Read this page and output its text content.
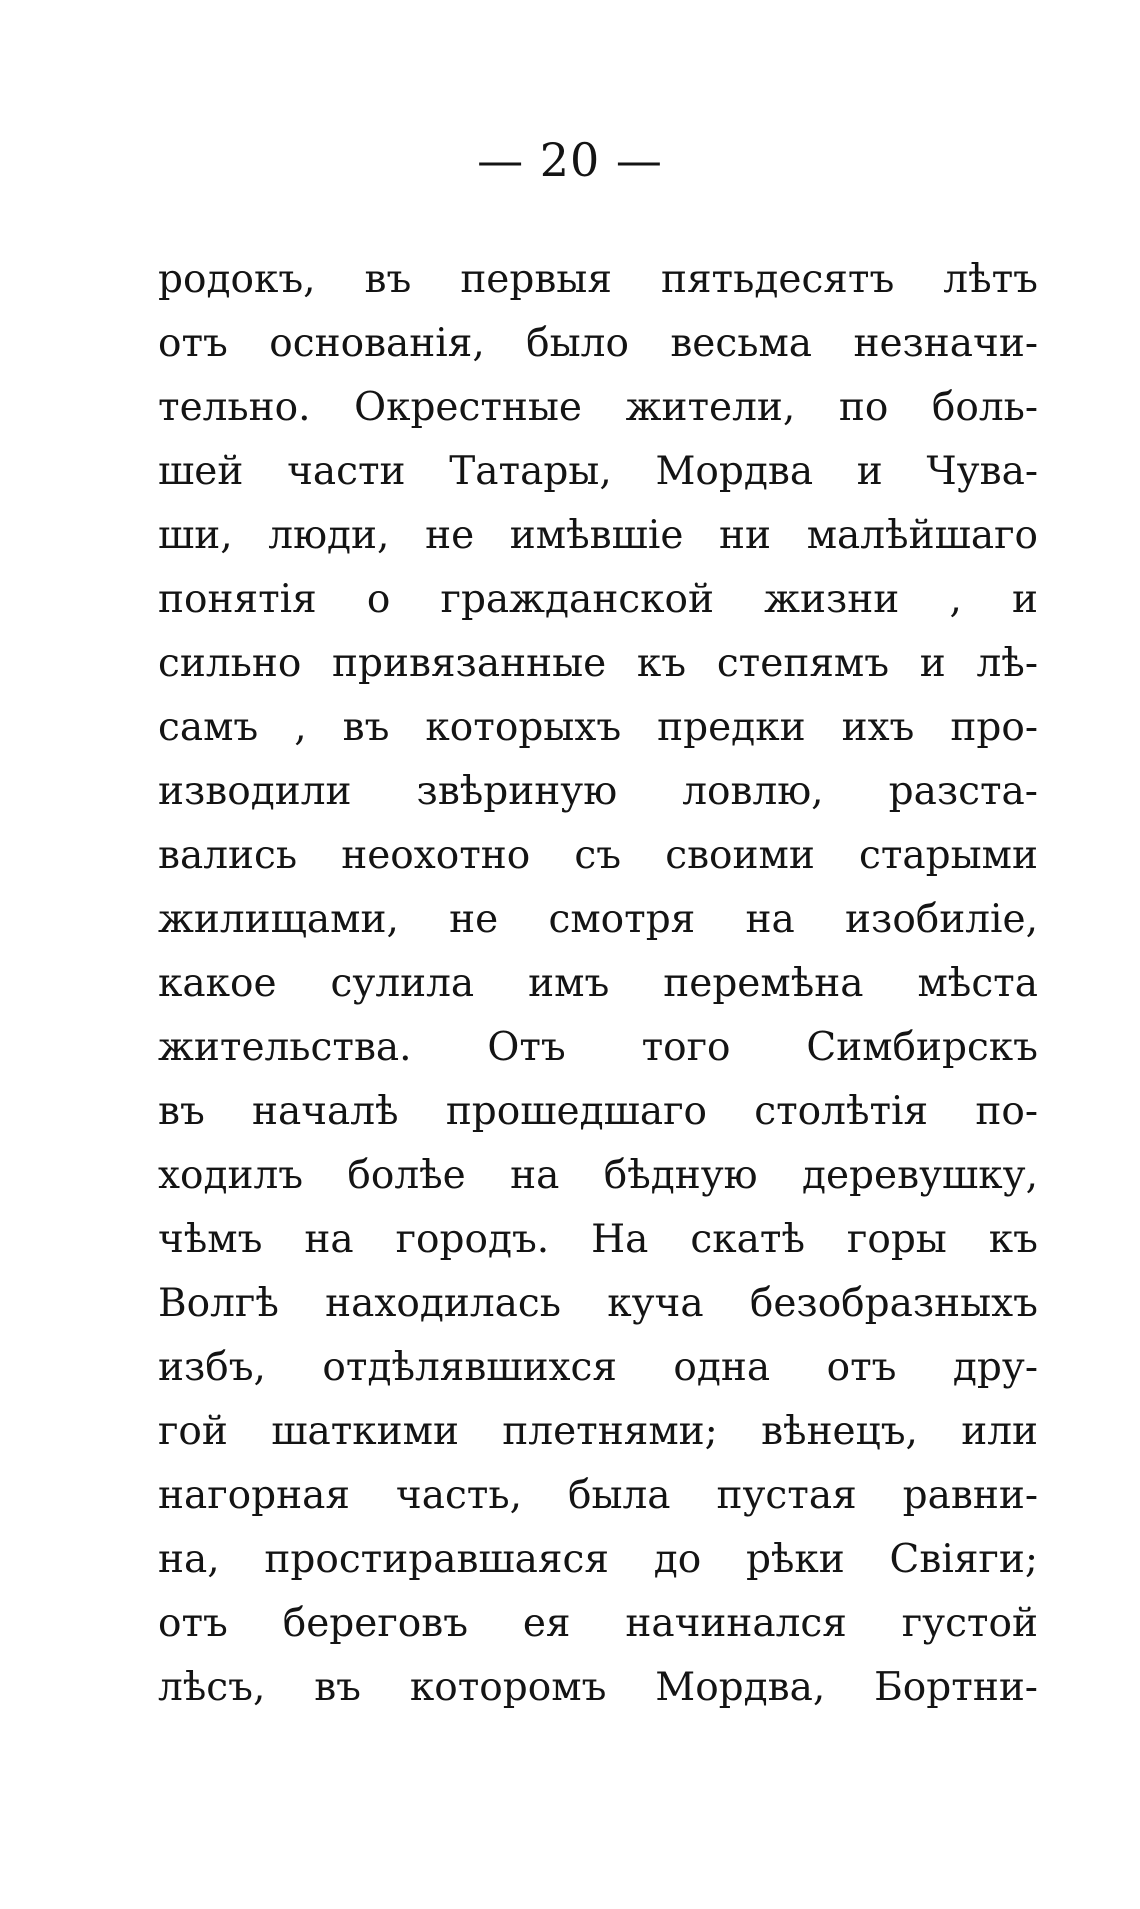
— 20 —
родокъ, въ первыя пятьдесятъ лѣтъ
отъ основанія, было весьма незначи-
тельно. Окрестные жители, по боль-
шей части Татары, Мордва и Чува-
ши, люди, не имѣвшіе ни малѣйшаго
понятія о гражданской жизни , и
сильно привязанные къ степямъ и лѣ-
самъ , въ которыхъ предки ихъ про-
изводили звѣриную ловлю, разста-
вались неохотно съ своими старыми
жилищами, не смотря на изобиліе,
какое сулила имъ перемѣна мѣста
жительства. Отъ того Симбирскъ
въ началѣ прошедшаго столѣтія по-
ходилъ болѣе на бѣдную деревушку,
чѣмъ на городъ. На скатѣ горы къ
Волгѣ находилась куча безобразныхъ
избъ, отдѣлявшихся одна отъ дру-
гой шаткими плетнями; вѣнецъ, или
нагорная часть, была пустая равни-
на, простиравшаяся до рѣки Свіяги;
отъ береговъ ея начинался густой
лѣсъ, въ которомъ Мордва, Бортни-
